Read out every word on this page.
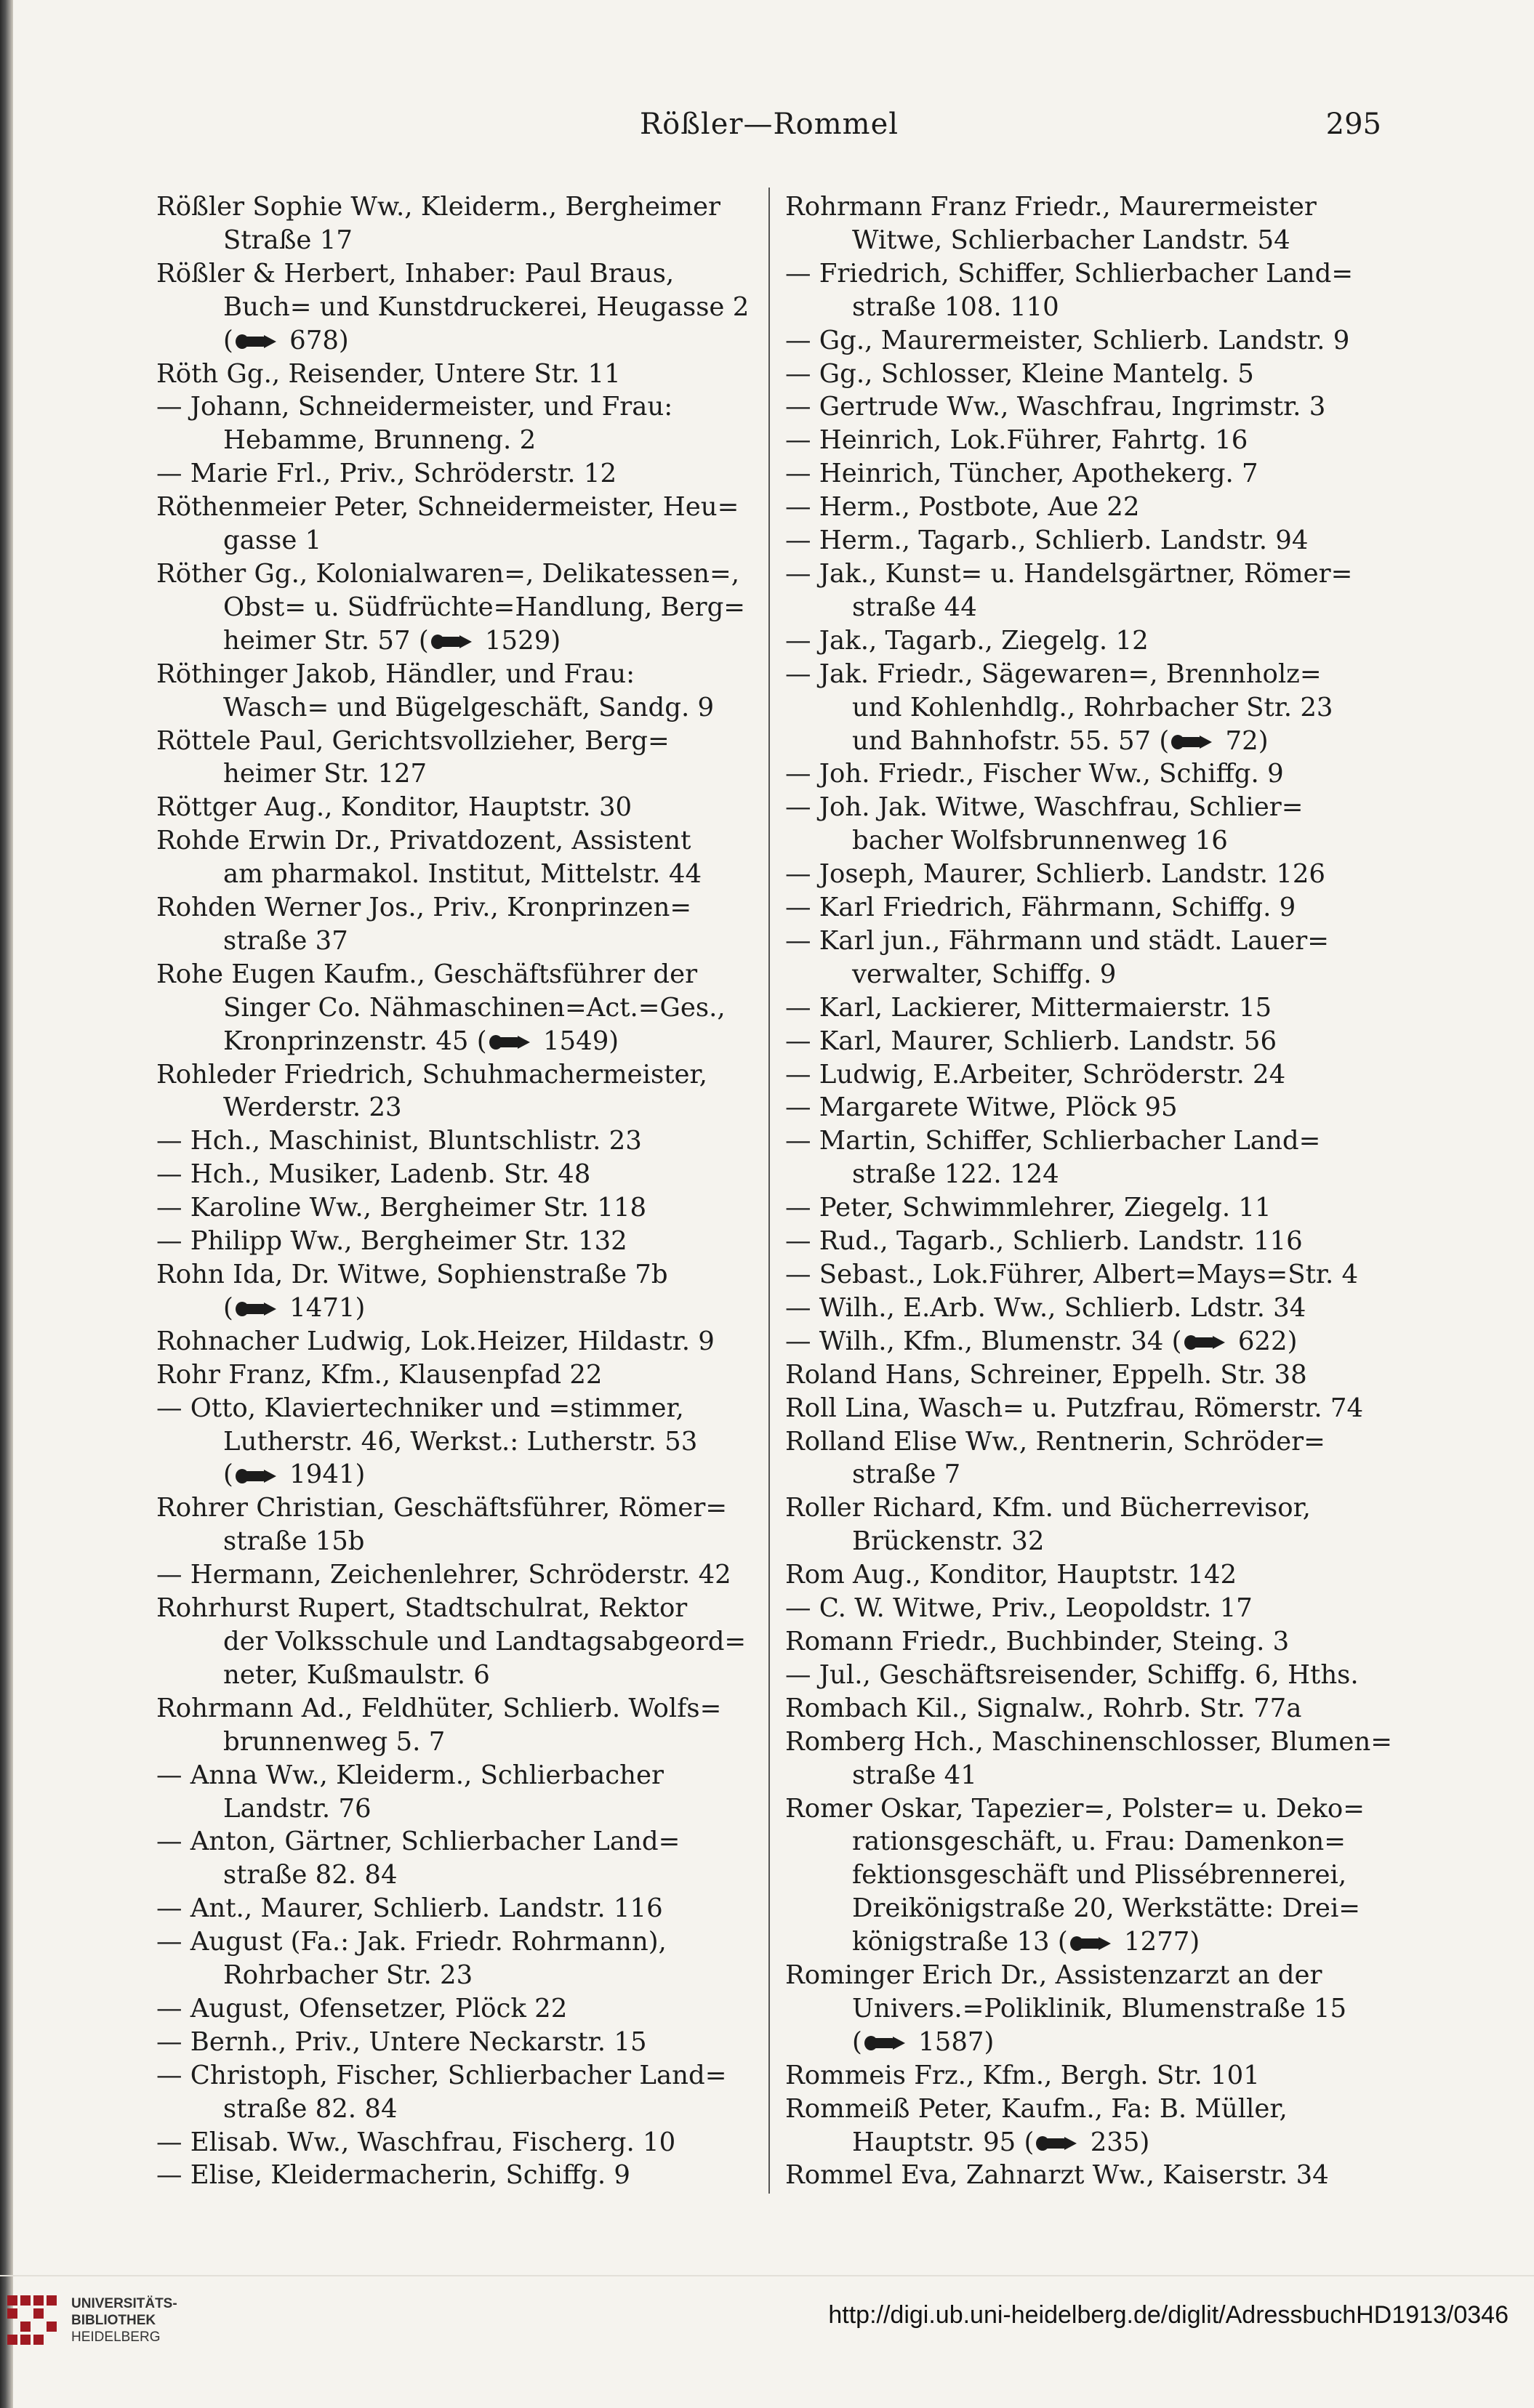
Rößler—Rommel	295
Rößler Sophie Ww., Kleiderm., Bergheimer
Straße 17
Rößler & Herbert, Inhaber: Paul Braus,
Buch= und Kunstdruckerei, Heugasse 2
(
678)
Röth Gg., Reisender, Untere Str. 11
— Johann, Schneidermeister, und Frau:
Hebamme, Brunneng. 2
— Marie Frl., Priv., Schröderstr. 12
Röthenmeier Peter, Schneidermeister, Heu=
gasse 1
Röther Gg., Kolonialwaren=, Delikatessen=,
Obst= u. Südfrüchte=Handlung, Berg=
heimer Str. 57 (
1529)
Röthinger Jakob, Händler, und Frau:
Wasch= und Bügelgeschäft, Sandg. 9
Röttele Paul, Gerichtsvollzieher, Berg=
heimer Str. 127
Röttger Aug., Konditor, Hauptstr. 30
Rohde Erwin Dr., Privatdozent, Assistent
am pharmakol. Institut, Mittelstr. 44
Rohden Werner Jos., Priv., Kronprinzen=
straße 37
Rohe Eugen Kaufm., Geschäftsführer der
Singer Co. Nähmaschinen=Act.=Ges.,
Kronprinzenstr. 45 (
1549)
Rohleder Friedrich, Schuhmachermeister,
Werderstr. 23
— Hch., Maschinist, Bluntschlistr. 23
— Hch., Musiker, Ladenb. Str. 48
— Karoline Ww., Bergheimer Str. 118
— Philipp Ww., Bergheimer Str. 132
Rohn Ida, Dr. Witwe, Sophienstraße 7b
(
1471)
Rohnacher Ludwig, Lok.Heizer, Hildastr. 9
Rohr Franz, Kfm., Klausenpfad 22
— Otto, Klaviertechniker und =stimmer,
Lutherstr. 46, Werkst.: Lutherstr. 53
(
1941)
Rohrer Christian, Geschäftsführer, Römer=
straße 15b
— Hermann, Zeichenlehrer, Schröderstr. 42
Rohrhurst Rupert, Stadtschulrat, Rektor
der Volksschule und Landtagsabgeord=
neter, Kußmaulstr. 6
Rohrmann Ad., Feldhüter, Schlierb. Wolfs=
brunnenweg 5. 7
— Anna Ww., Kleiderm., Schlierbacher
Landstr. 76
— Anton, Gärtner, Schlierbacher Land=
straße 82. 84
— Ant., Maurer, Schlierb. Landstr. 116
— August (Fa.: Jak. Friedr. Rohrmann),
Rohrbacher Str. 23
— August, Ofensetzer, Plöck 22
— Bernh., Priv., Untere Neckarstr. 15
— Christoph, Fischer, Schlierbacher Land=
straße 82. 84
— Elisab. Ww., Waschfrau, Fischerg. 10
— Elise, Kleidermacherin, Schiffg. 9
Rohrmann Franz Friedr., Maurermeister
Witwe, Schlierbacher Landstr. 54
— Friedrich, Schiffer, Schlierbacher Land=
straße 108. 110
— Gg., Maurermeister, Schlierb. Landstr. 9
— Gg., Schlosser, Kleine Mantelg. 5
— Gertrude Ww., Waschfrau, Ingrimstr. 3
— Heinrich, Lok.Führer, Fahrtg. 16
— Heinrich, Tüncher, Apothekerg. 7
— Herm., Postbote, Aue 22
— Herm., Tagarb., Schlierb. Landstr. 94
— Jak., Kunst= u. Handelsgärtner, Römer=
straße 44
— Jak., Tagarb., Ziegelg. 12
— Jak. Friedr., Sägewaren=, Brennholz=
und Kohlenhdlg., Rohrbacher Str. 23
und Bahnhofstr. 55. 57 (
72)
— Joh. Friedr., Fischer Ww., Schiffg. 9
— Joh. Jak. Witwe, Waschfrau, Schlier=
bacher Wolfsbrunnenweg 16
— Joseph, Maurer, Schlierb. Landstr. 126
— Karl Friedrich, Fährmann, Schiffg. 9
— Karl jun., Fährmann und städt. Lauer=
verwalter, Schiffg. 9
— Karl, Lackierer, Mittermaierstr. 15
— Karl, Maurer, Schlierb. Landstr. 56
— Ludwig, E.Arbeiter, Schröderstr. 24
— Margarete Witwe, Plöck 95
— Martin, Schiffer, Schlierbacher Land=
straße 122. 124
— Peter, Schwimmlehrer, Ziegelg. 11
— Rud., Tagarb., Schlierb. Landstr. 116
— Sebast., Lok.Führer, Albert=Mays=Str. 4
— Wilh., E.Arb. Ww., Schlierb. Ldstr. 34
— Wilh., Kfm., Blumenstr. 34 (
622)
Roland Hans, Schreiner, Eppelh. Str. 38
Roll Lina, Wasch= u. Putzfrau, Römerstr. 74
Rolland Elise Ww., Rentnerin, Schröder=
straße 7
Roller Richard, Kfm. und Bücherrevisor,
Brückenstr. 32
Rom Aug., Konditor, Hauptstr. 142
— C. W. Witwe, Priv., Leopoldstr. 17
Romann Friedr., Buchbinder, Steing. 3
— Jul., Geschäftsreisender, Schiffg. 6, Hths.
Rombach Kil., Signalw., Rohrb. Str. 77a
Romberg Hch., Maschinenschlosser, Blumen=
straße 41
Romer Oskar, Tapezier=, Polster= u. Deko=
rationsgeschäft, u. Frau: Damenkon=
fektionsgeschäft und Plissébrennerei,
Dreikönigstraße 20, Werkstätte: Drei=
königstraße 13 (
1277)
Rominger Erich Dr., Assistenzarzt an der
Univers.=Poliklinik, Blumenstraße 15
(
1587)
Rommeis Frz., Kfm., Bergh. Str. 101
Rommeiß Peter, Kaufm., Fa: B. Müller,
Hauptstr. 95 (
235)
Rommel Eva, Zahnarzt Ww., Kaiserstr. 34
UNIVERSITÄTS-
BIBLIOTHEK
HEIDELBERG
http://digi.ub.uni-heidelberg.de/diglit/AdressbuchHD1913/0346
